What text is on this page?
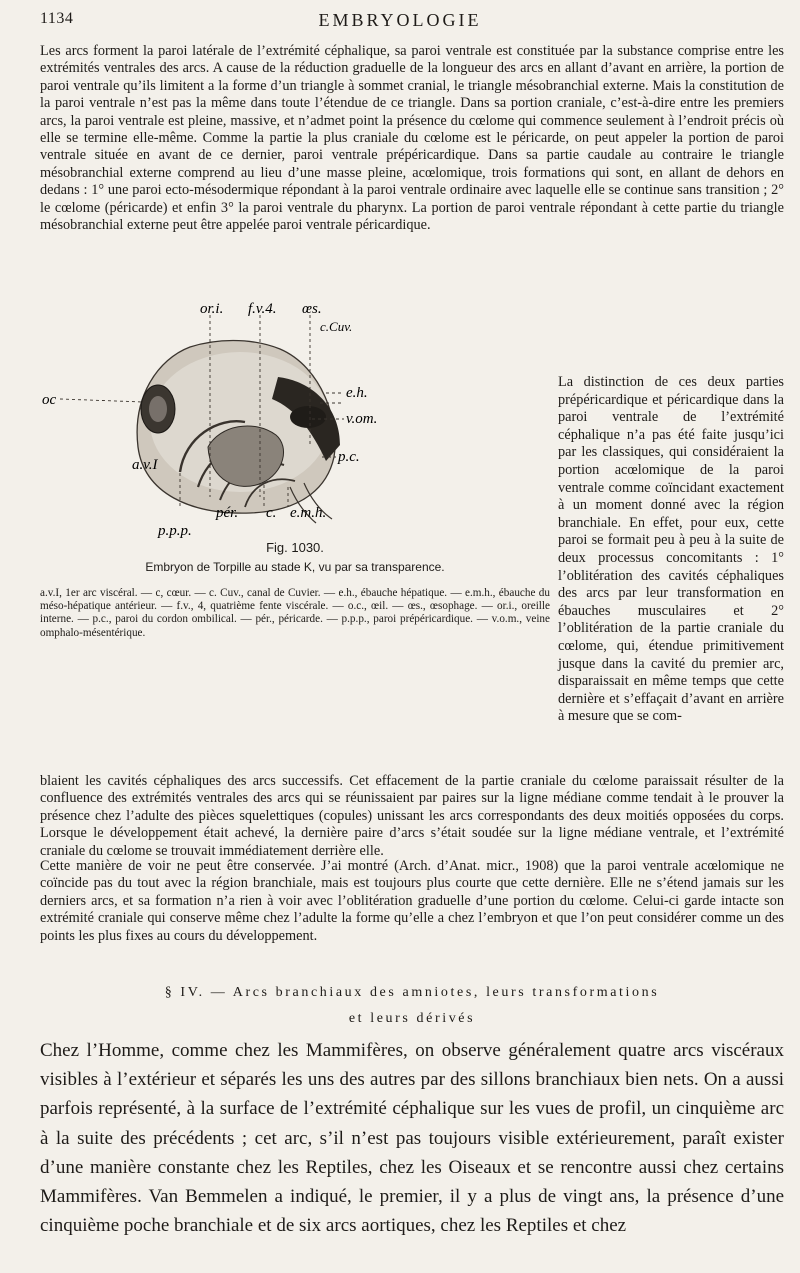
1134	EMBRYOLOGIE

Les arcs forment la paroi latérale de l’extrémité céphalique, sa paroi ventrale est constituée par la substance comprise entre les extrémités ventrales des arcs. A cause de la réduction graduelle de la longueur des arcs en allant d’avant en arrière, la portion de paroi ventrale qu’ils limitent a la forme d’un triangle à sommet cranial, le triangle mésobranchial externe. Mais la constitution de la paroi ventrale n’est pas la même dans toute l’étendue de ce triangle. Dans sa portion craniale, c’est-à-dire entre les premiers arcs, la paroi ventrale est pleine, massive, et n’admet point la présence du cœlome qui commence seulement à l’endroit précis où elle se termine elle-même. Comme la partie la plus craniale du cœlome est le péricarde, on peut appeler la portion de paroi ventrale située en avant de ce dernier, paroi ventrale prépéricardique. Dans sa partie caudale au contraire le triangle mésobranchial externe comprend au lieu d’une masse pleine, acœlomique, trois formations qui sont, en allant de dehors en dedans : 1° une paroi ecto-mésodermique répondant à la paroi ventrale ordinaire avec laquelle elle se continue sans transition ; 2° le cœlome (péricarde) et enfin 3° la paroi ventrale du pharynx. La portion de paroi ventrale répondant à cette partie du triangle mésobranchial externe peut être appelée paroi ventrale péricardique.

La distinction de ces deux parties prépéricardique et péricardique dans la paroi ventrale de l’extrémité céphalique n’a pas été faite jusqu’ici par les classiques, qui considéraient la portion acœlomique de la paroi ventrale comme coïncidant exactement à un moment donné avec la région branchiale. En effet, pour eux, cette paroi se formait peu à peu à la suite de deux processus concomitants : 1° l’oblitération des cavités céphaliques des arcs par leur transformation en ébauches musculaires et 2° l’oblitération de la partie craniale du cœlome, qui, étendue primitivement jusque dans la cavité du premier arc, disparaissait en même temps que cette dernière et s’effaçait d’avant en arrière à mesure que se com-

or.i. f.v.4. œs.
c.Cuv.
oc	e.h.
v.om.
p.c.
a.v.I
pér. c. e.m.h.
p.p.p.
Fig. 1030.
Embryon de Torpille au stade K, vu par sa transparence.
a.v.I, 1er arc viscéral. — c, cœur. — c. Cuv., canal de Cuvier. — e.h., ébauche hépatique. — e.m.h., ébauche du méso-hépatique antérieur. — f.v., 4, quatrième fente viscérale. — o.c., œil. — œs., œsophage. — or.i., oreille interne. — p.c., paroi du cordon ombilical. — pér., péricarde. — p.p.p., paroi prépéricardique. — v.o.m., veine omphalo-mésentérique.

blaient les cavités céphaliques des arcs successifs. Cet effacement de la partie craniale du cœlome paraissait résulter de la confluence des extrémités ventrales des arcs qui se réunissaient par paires sur la ligne médiane comme tendait à le prouver la présence chez l’adulte des pièces squelettiques (copules) unissant les arcs correspondants des deux moitiés opposées du corps. Lorsque le développement était achevé, la dernière paire d’arcs s’était soudée sur la ligne médiane ventrale, et l’extrémité craniale du cœlome se trouvait immédiatement derrière elle.

Cette manière de voir ne peut être conservée. J’ai montré (Arch. d’Anat. micr., 1908) que la paroi ventrale acœlomique ne coïncide pas du tout avec la région branchiale, mais est toujours plus courte que cette dernière. Elle ne s’étend jamais sur les derniers arcs, et sa formation n’a rien à voir avec l’oblitération graduelle d’une portion du cœlome. Celui-ci garde intacte son extrémité craniale qui conserve même chez l’adulte la forme qu’elle a chez l’embryon et que l’on peut considérer comme un des points les plus fixes au cours du développement.

§ IV. — Arcs branchiaux des amniotes, leurs transformations
et leurs dérivés

Chez l’Homme, comme chez les Mammifères, on observe généralement quatre arcs viscéraux visibles à l’extérieur et séparés les uns des autres par des sillons branchiaux bien nets. On a aussi parfois représenté, à la surface de l’extrémité céphalique sur les vues de profil, un cinquième arc à la suite des précédents ; cet arc, s’il n’est pas toujours visible extérieurement, paraît exister d’une manière constante chez les Reptiles, chez les Oiseaux et se rencontre aussi chez certains Mammifères. Van Bemmelen a indiqué, le premier, il y a plus de vingt ans, la présence d’une cinquième poche branchiale et de six arcs aortiques, chez les Reptiles et chez
